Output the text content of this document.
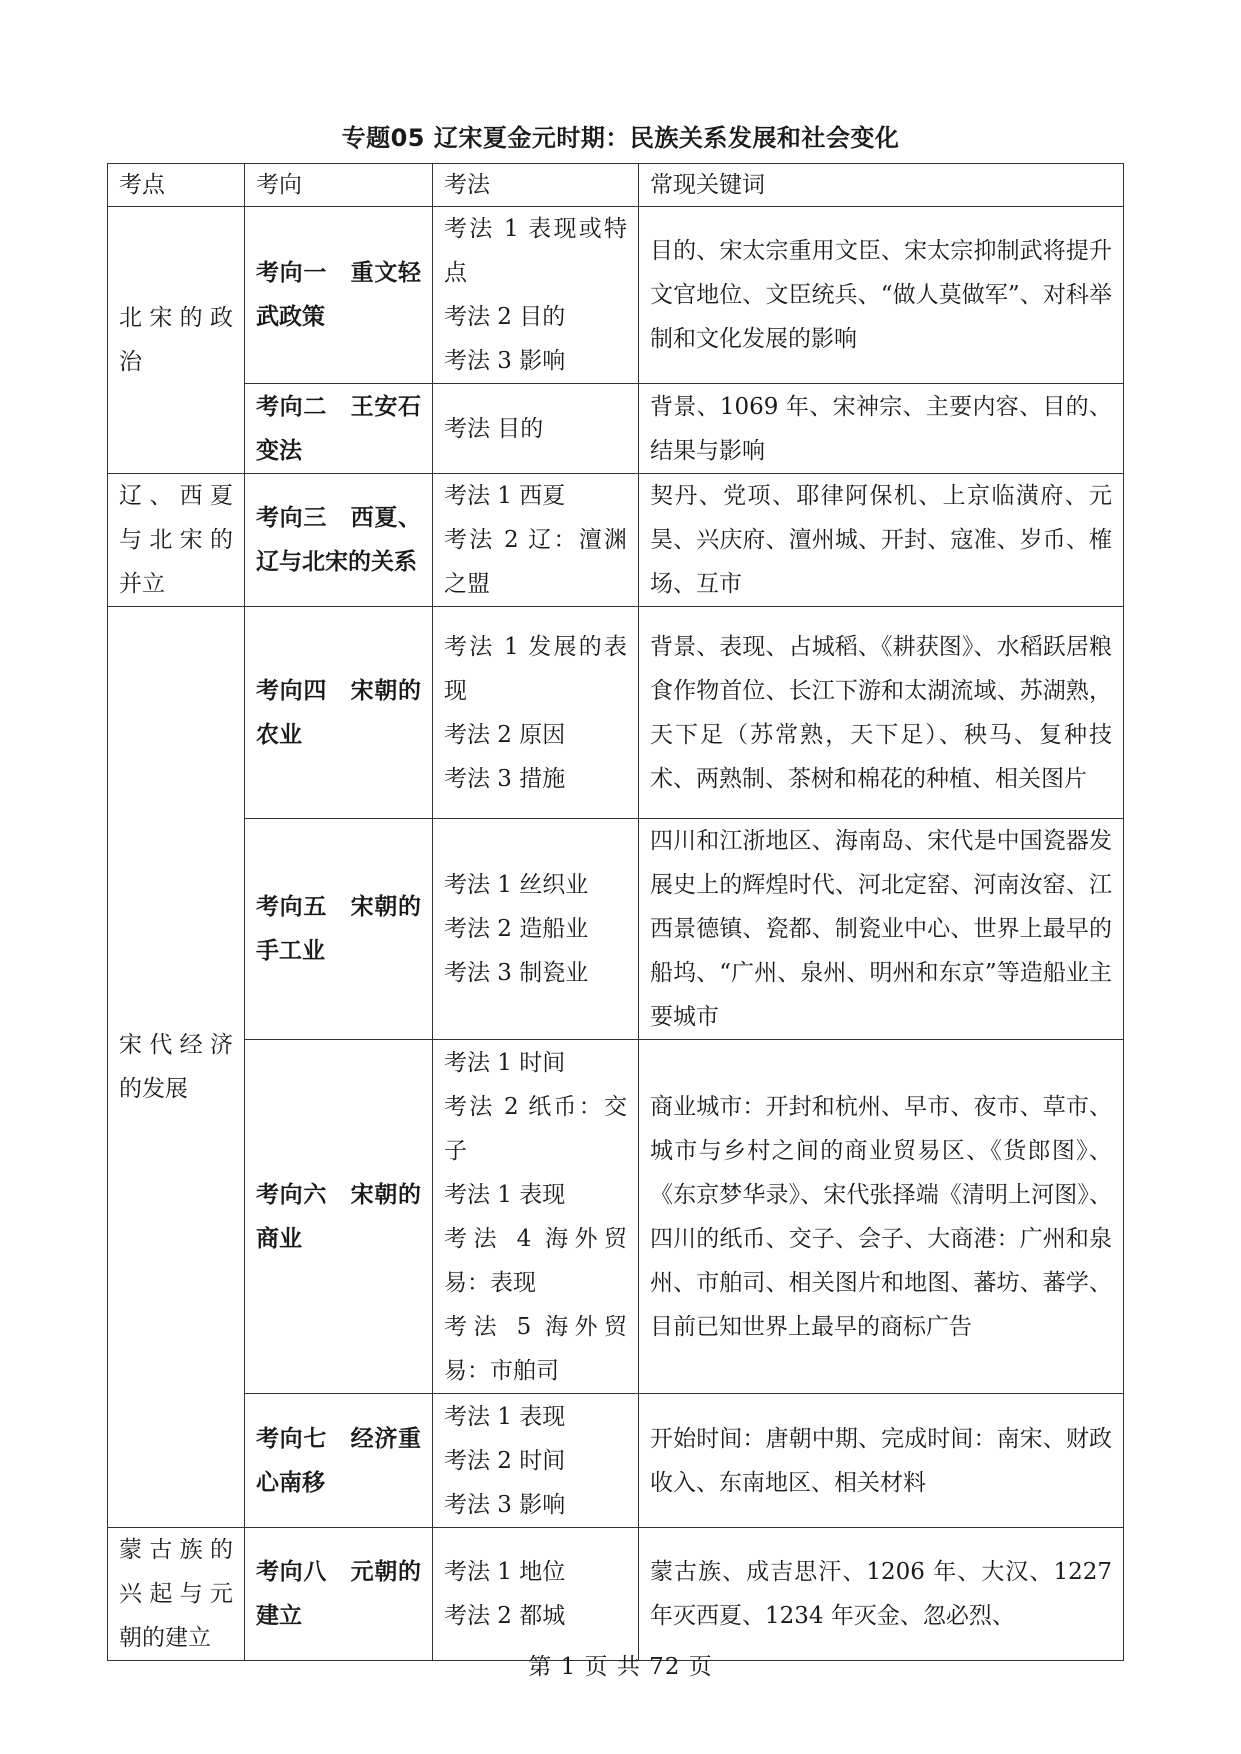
专题05 辽宋夏金元时期：民族关系发展和社会变化
考点	考向	考法	常现关键词
北宋的政治	考向一　重文轻武政策	考法 1 表现或特点
考法 2 目的
考法 3 影响	目的、宋太宗重用文臣、宋太宗抑制武将提升文官地位、文臣统兵、“做人莫做军”、对科举制和文化发展的影响
	考向二　王安石变法	考法 目的	背景、1069 年、宋神宗、主要内容、目的、结果与影响
辽、西夏与北宋的并立	考向三　西夏、辽与北宋的关系	考法 1 西夏
考法 2 辽：澶渊之盟	契丹、党项、耶律阿保机、上京临潢府、元昊、兴庆府、澶州城、开封、寇准、岁币、榷场、互市
宋代经济的发展	考向四　宋朝的农业	考法 1 发展的表现
考法 2 原因
考法 3 措施	背景、表现、占城稻、《耕获图》、水稻跃居粮食作物首位、长江下游和太湖流域、苏湖熟，天下足（苏常熟，天下足）、秧马、复种技术、两熟制、茶树和棉花的种植、相关图片
	考向五　宋朝的手工业	考法 1 丝织业
考法 2 造船业
考法 3 制瓷业	四川和江浙地区、海南岛、宋代是中国瓷器发展史上的辉煌时代、河北定窑、河南汝窑、江西景德镇、瓷都、制瓷业中心、世界上最早的船坞、“广州、泉州、明州和东京”等造船业主要城市
	考向六　宋朝的商业	考法 1 时间
考法 2 纸币：交子
考法 1 表现
考法 4 海外贸易：表现
考法 5 海外贸易：市舶司	商业城市：开封和杭州、早市、夜市、草市、城市与乡村之间的商业贸易区、《货郎图》、《东京梦华录》、宋代张择端《清明上河图》、四川的纸币、交子、会子、大商港：广州和泉州、市舶司、相关图片和地图、蕃坊、蕃学、目前已知世界上最早的商标广告
	考向七　经济重心南移	考法 1 表现
考法 2 时间
考法 3 影响	开始时间：唐朝中期、完成时间：南宋、财政收入、东南地区、相关材料
蒙古族的兴起与元朝的建立	考向八　元朝的建立	考法 1 地位
考法 2 都城	蒙古族、成吉思汗、1206 年、大汉、1227 年灭西夏、1234 年灭金、忽必烈、
第 1 页 共 72 页
